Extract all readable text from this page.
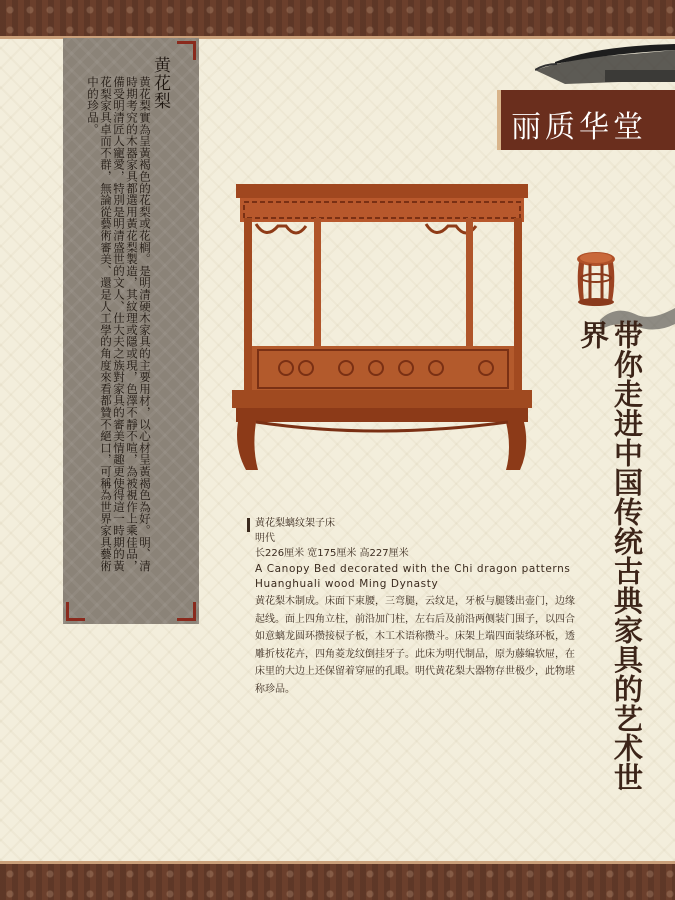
黄花梨

黄花梨實為呈黃褐色的花梨或花榈。是明清硬木家具的主要用材，以心材呈黃褐色為好。明、清時期考究的木器家具都選用黃花梨製造，其紋理或隱或現，色澤不靜不喧，為被視作上乘佳品，備受明清匠人寵愛，特別是明清盛世的文人、仕大夫之族對家具的審美情趣更使得這一時期的黃花梨家具卓而不群，無論從藝術審美、還是人工學的角度來看都贊不絕口，可稱為世界家具藝術中的珍品。	丽质华堂
带你走进中国传统古典家具的艺术世界
黄花梨螭纹架子床
明代
长226厘米 宽175厘米 高227厘米
A Canopy Bed decorated with the Chi dragon patterns
Huanghuali wood Ming Dynasty
黄花梨木制成。床面下束腰，三弯腿，云纹足，牙板与腿镂出壶门，边缘起线。面上四角立柱，前沿加门柱，左右后及前沿两侧装门围子，以四合如意螭龙圆环攒接棂子板，木工术语称攒斗。床架上端四面装绦环板，透雕折枝花卉，四角菱龙纹倒挂牙子。此床为明代制品，原为藤编软屉，在床里的大边上还保留着穿屉的孔眼。明代黄花梨大器物存世极少，此物堪称珍品。
